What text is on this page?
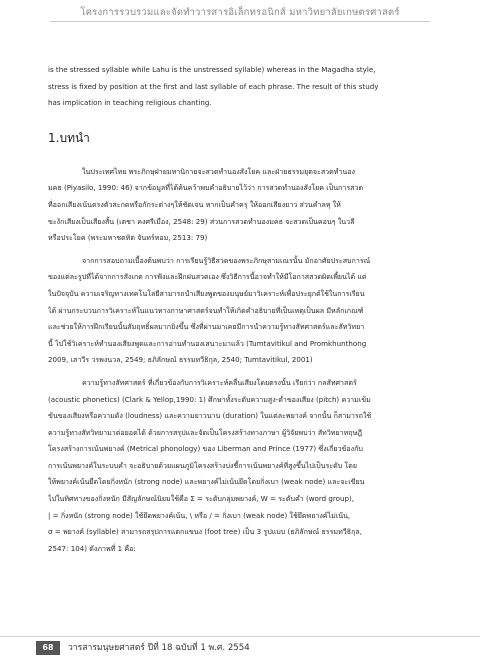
โครงการรวบรวมและจัดทำวารสารอิเล็กทรอนิกส์ มหาวิทยาลัยเกษตรศาสตร์
is the stressed syllable while Lahu is the unstressed syllable) whereas in the Magadha style,
stress is fixed by position at the first and last syllable of each phrase. The result of this study
has implication in teaching religious chanting.
1.บทนำ
ในประเทศไทย พระภิกษุฝ่ายมหานิกายจะสวดทำนองสังโยค และฝ่ายธรรมยุตจะสวดทำนอง
มคธ (Piyasilo, 1990: 46) จากข้อมูลที่ได้ค้นคว้าพบคำอธิบายไว้ว่า การสวดทำนองสังโยค เป็นการสวด
ที่ออกเสียงเน้นตรงตัวสะกดหรือกักระต่างๆให้ชัดเจน หากเป็นคำครุ ให้ออกเสียงยาว ส่วนคำลหุ ให้
ขะงักเสียงเป็นเสียงสั้น (เตชา คงศรีเมือง, 2548: 29) ส่วนการสวดทำนองมคธ จะสวดเป็นคอนๆ ในวลี
หรือประโยค (พระมหาชตทิต จันทร์หอม, 2513: 79)
จากการสอบถามเบื้องต้นพบว่า การเรียนรู้วิธีสวดของพระภิกษุสามเณรนั้น มักอาศัยประสบการณ์
ของแต่ละรูปที่ได้จากการสังเกต การฟังและฝึกฝนสวดเอง ซึ่งวิธีการนี้อาจทำให้มีโอกาสสวดผิดเพี้ยนได้ แต่
ในปัจจุบัน ความเจริญทางเทคโนโลยีสามารถนำเสียงพูดของมนุษย์มาวิเคราะห์เพื่อประยุกต์ใช้ในการเรียน
ได้ ผ่านกระบวนการวิเคราะห์ในแนวทางภาษาศาสตร์จนทำให้เกิดคำอธิบายที่เป็นเหตุเป็นผล มีหลักเกณฑ์
และช่วยให้การฝึกเรียนนั้นสัมฤทธิ์ผลมากยิ่งขึ้น ซึ่งที่ผ่านมาเคยมีการนำความรู้ทางสัทศาสตร์และสัทวิทยา
นี้ ไปใช้วิเคราะห์ทำนองเสียงพูดและการอ่านทำนองเสนาะมาแล้ว (Tumtavitikul and Promkhunthong
2009, เสาวีร วรพงนวล, 2549; ธภิลักษณ์ ธรรมทวีธิกุล, 2540; Tumtavitikul, 2001)
ความรู้ทางสัทศาสตร์ ที่เกี่ยวข้องกับการวิเคราะห์คลื่นเสียงโดยตรงนั้น เรียกว่า กลสัทศาสตร์
(acoustic phonetics) (Clark & Yellop,1990: 1) ศึกษาทั้งระดับความสูง-ต่ำของเสียง (pitch) ความเข้ม
ขันของเสียงหรือความดัง (loudness) และความยาวนาน (duration) ในแต่ละพยางค์ จากนั้น ก็สามารถใช้
ความรู้ทางสัทวิทยามาต่อยอดได้ ด้วยการสรุปและจัดเป็นโครงสร้างทางภาษา ผู้วิจัยพบว่า สัทวิทยาทฤษฎี
โครงสร้างการเน้นพยางค์ (Metrical phonology) ของ Liberman and Prince (1977) ซึ่งเกี่ยวข้องกับ
การเน้นพยางค์ในระบบคำ จะอธิบายด้วยแผนภูมิโครงสร้างบ่งชี้การเน้นพยางค์ที่สูงขึ้นไปเป็นระดับ โดย
ให้พยางค์เน้นยืดโดยกิ่งหนัก (strong node) และพยางค์ไม่เน้นยึดโดยกิ่งเบา (weak node) และจะเขียน
ไปในทิศทางของกิ่งหนัก มีสัญลักษณ์นิยมใช้คือ Σ = ระดับกลุ่มพยางค์, W = ระดับคำ (word group),
| = กิ่งหนัก (strong node) ใช้ยึดพยางค์เน้น, \ หรือ / = กิ่งเบา (weak node) ใช้ยึดพยางค์ไม่เน้น,
σ = พยางค์ (syllable) สามารถสรุปการแตกแขนง (foot tree) เป็น 3 รูปแบบ (ธภิลักษณ์ ธรรมทวีธิกุล,
2547: 104) ดังภาพที่ 1 คือ:
68	วารสารมนุษยศาสตร์ ปีที่ 18 ฉบับที่ 1 พ.ศ. 2554
